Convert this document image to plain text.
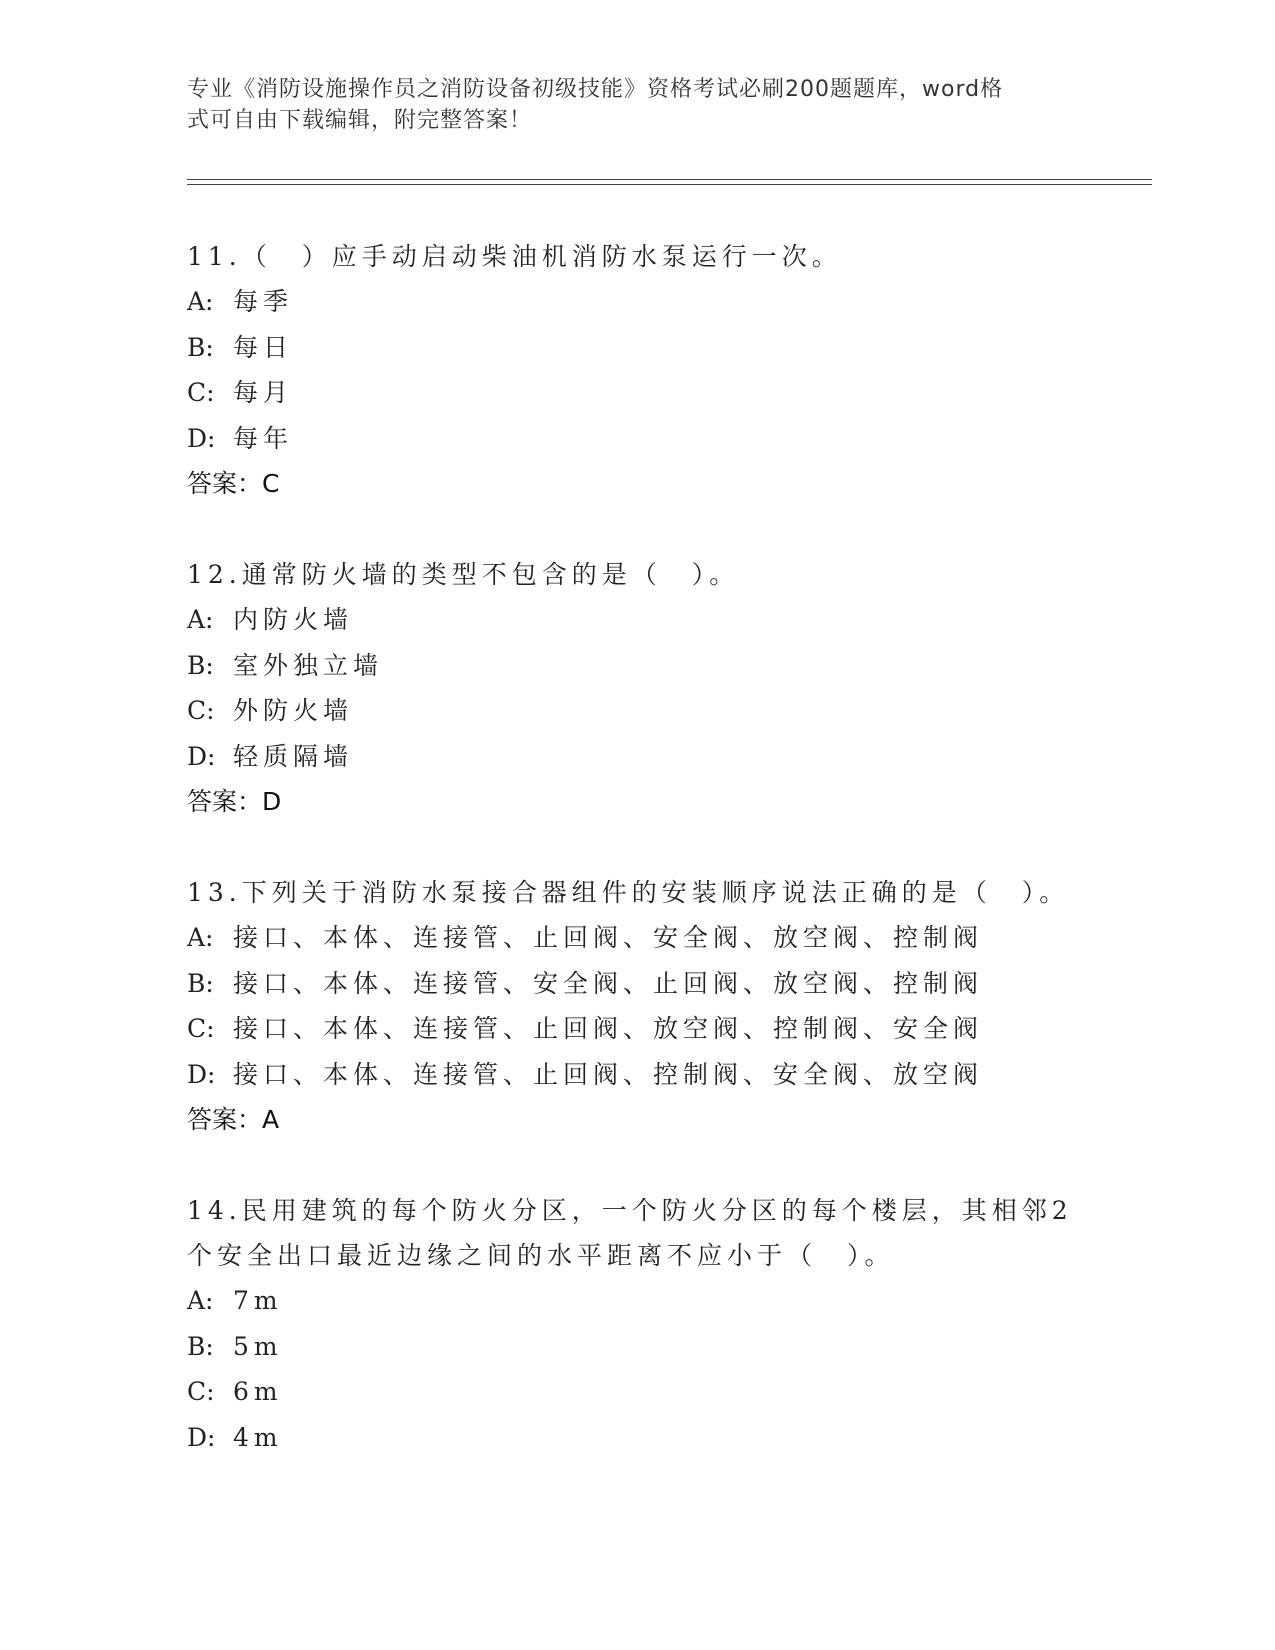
专业《消防设施操作员之消防设备初级技能》资格考试必刷200题题库，word格
式可自由下载编辑，附完整答案！
11.（　）应手动启动柴油机消防水泵运行一次。
A: 每季
B: 每日
C: 每月
D: 每年
答案：C
12.通常防火墙的类型不包含的是（　）。
A: 内防火墙
B: 室外独立墙
C: 外防火墙
D: 轻质隔墙
答案：D
13.下列关于消防水泵接合器组件的安装顺序说法正确的是（　）。
A: 接口、本体、连接管、止回阀、安全阀、放空阀、控制阀
B: 接口、本体、连接管、安全阀、止回阀、放空阀、控制阀
C: 接口、本体、连接管、止回阀、放空阀、控制阀、安全阀
D: 接口、本体、连接管、止回阀、控制阀、安全阀、放空阀
答案：A
14.民用建筑的每个防火分区，一个防火分区的每个楼层，其相邻2个安全出口最近边缘之间的水平距离不应小于（　）。
A: 7m
B: 5m
C: 6m
D: 4m
